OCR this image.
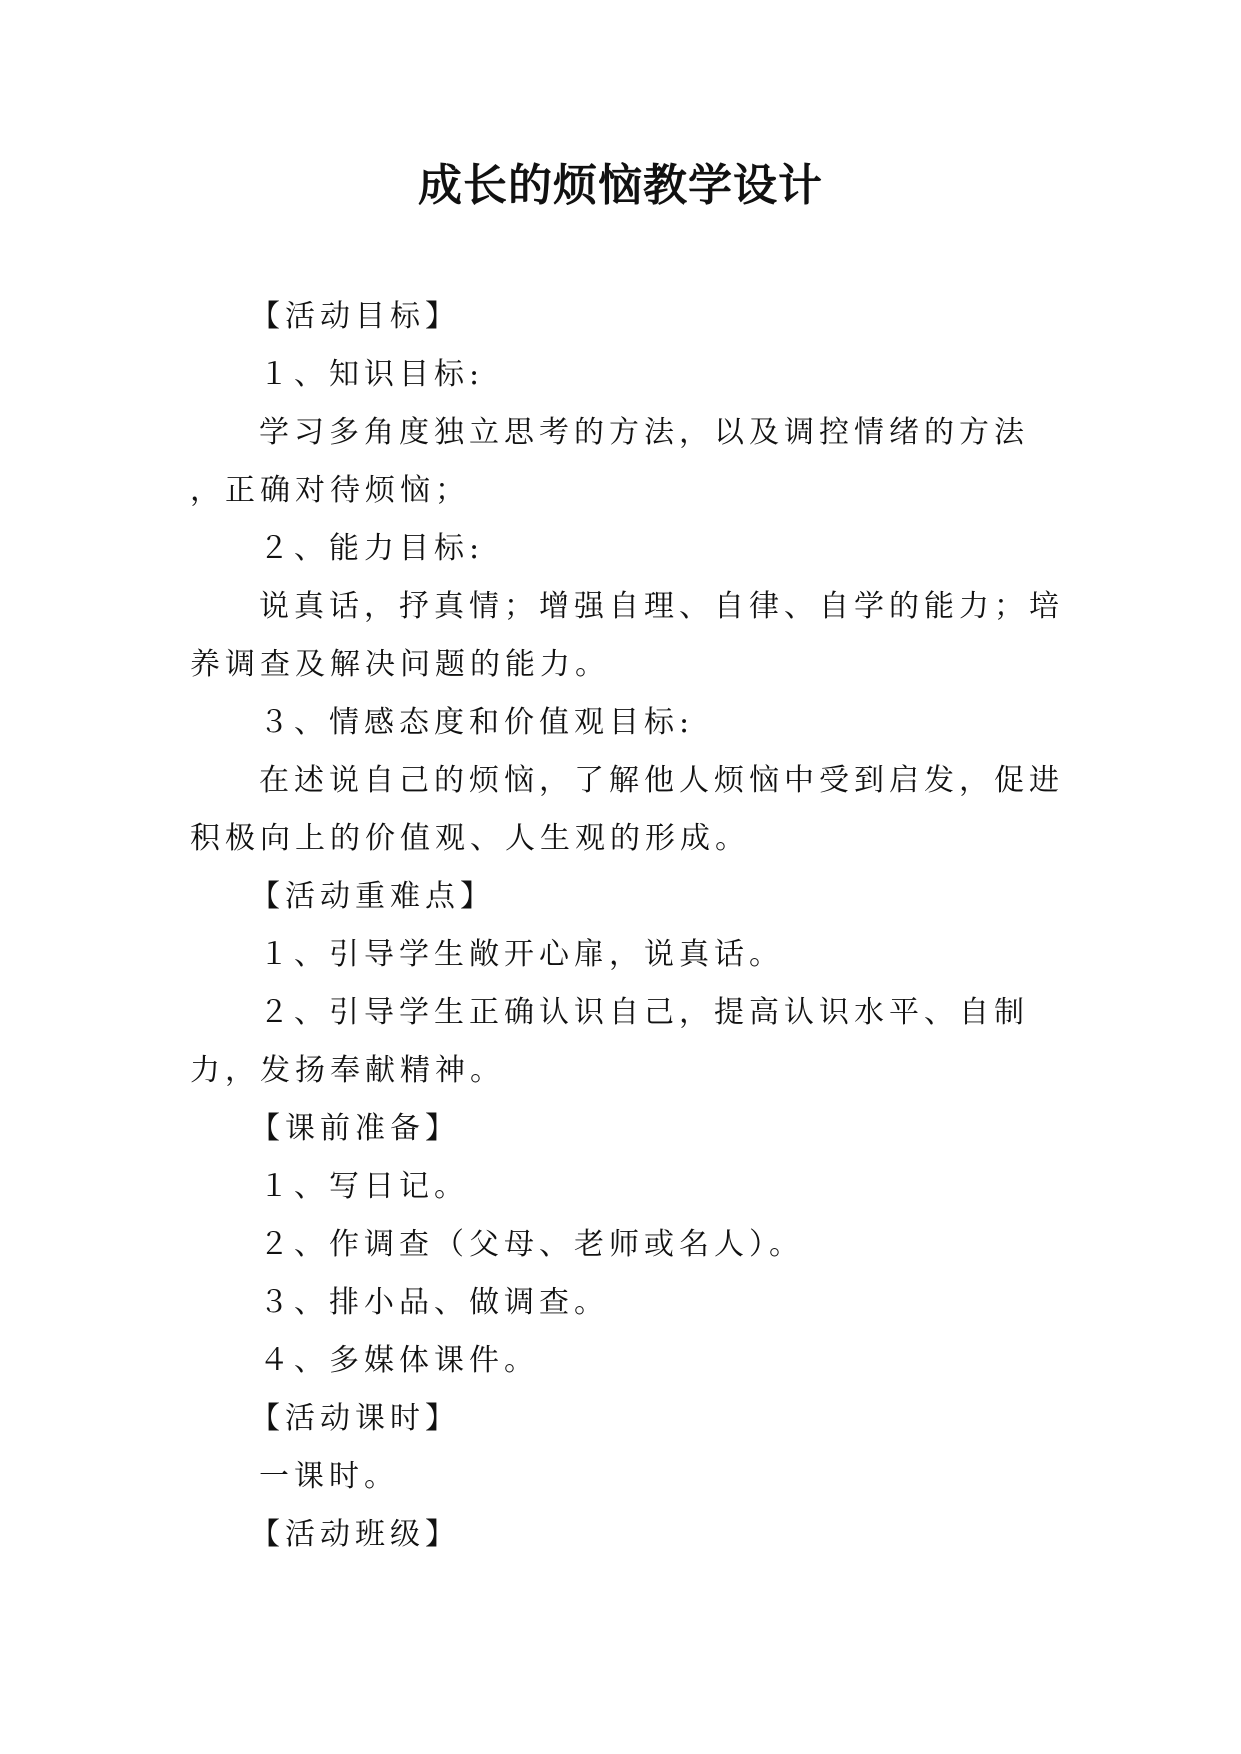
成长的烦恼教学设计

【活动目标】

１、知识目标:

学习多角度独立思考的方法，以及调控情绪的方法 ，正确对待烦恼；

２、能力目标:

说真话，抒真情；增强自理、自律、自学的能力；培养调查及解决问题的能力。

３、情感态度和价值观目标:

在述说自己的烦恼，了解他人烦恼中受到启发，促进积极向上的价值观、人生观的形成。

【活动重难点】

１、引导学生敞开心扉，说真话。

２、引导学生正确认识自己，提高认识水平、自制力，发扬奉献精神。

【课前准备】

１、写日记。

２、作调查（父母、老师或名人）。

３、排小品、做调查。

４、多媒体课件。

【活动课时】

一课时。

【活动班级】
